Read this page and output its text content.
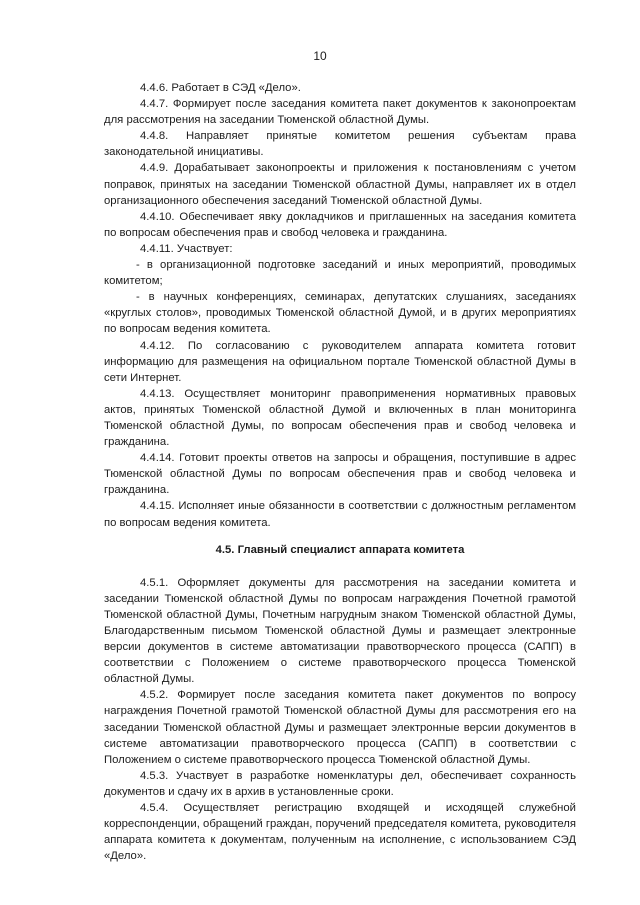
10

4.4.6. Работает в СЭД «Дело».

4.4.7. Формирует после заседания комитета пакет документов к законопроектам для рассмотрения на заседании Тюменской областной Думы.

4.4.8. Направляет принятые комитетом решения субъектам права законодательной инициативы.

4.4.9. Дорабатывает законопроекты и приложения к постановлениям с учетом поправок, принятых на заседании Тюменской областной Думы, направляет их в отдел организационного обеспечения заседаний Тюменской областной Думы.

4.4.10. Обеспечивает явку докладчиков и приглашенных на заседания комитета по вопросам обеспечения прав и свобод человека и гражданина.

4.4.11. Участвует:

- в организационной подготовке заседаний и иных мероприятий, проводимых комитетом;

- в научных конференциях, семинарах, депутатских слушаниях, заседаниях «круглых столов», проводимых Тюменской областной Думой, и в других мероприятиях по вопросам ведения комитета.

4.4.12. По согласованию с руководителем аппарата комитета готовит информацию для размещения на официальном портале Тюменской областной Думы в сети Интернет.

4.4.13. Осуществляет мониторинг правоприменения нормативных правовых актов, принятых Тюменской областной Думой и включенных в план мониторинга Тюменской областной Думы, по вопросам обеспечения прав и свобод человека и гражданина.

4.4.14. Готовит проекты ответов на запросы и обращения, поступившие в адрес Тюменской областной Думы по вопросам обеспечения прав и свобод человека и гражданина.

4.4.15. Исполняет иные обязанности в соответствии с должностным регламентом по вопросам ведения комитета.

4.5. Главный специалист аппарата комитета

4.5.1. Оформляет документы для рассмотрения на заседании комитета и заседании Тюменской областной Думы по вопросам награждения Почетной грамотой Тюменской областной Думы, Почетным нагрудным знаком Тюменской областной Думы, Благодарственным письмом Тюменской областной Думы и размещает электронные версии документов в системе автоматизации правотворческого процесса (САПП) в соответствии с Положением о системе правотворческого процесса Тюменской областной Думы.

4.5.2. Формирует после заседания комитета пакет документов по вопросу награждения Почетной грамотой Тюменской областной Думы для рассмотрения его на заседании Тюменской областной Думы и размещает электронные версии документов в системе автоматизации правотворческого процесса (САПП) в соответствии с Положением о системе правотворческого процесса Тюменской областной Думы.

4.5.3. Участвует в разработке номенклатуры дел, обеспечивает сохранность документов и сдачу их в архив в установленные сроки.

4.5.4. Осуществляет регистрацию входящей и исходящей служебной корреспонденции, обращений граждан, поручений председателя комитета, руководителя аппарата комитета к документам, полученным на исполнение, с использованием СЭД «Дело».
